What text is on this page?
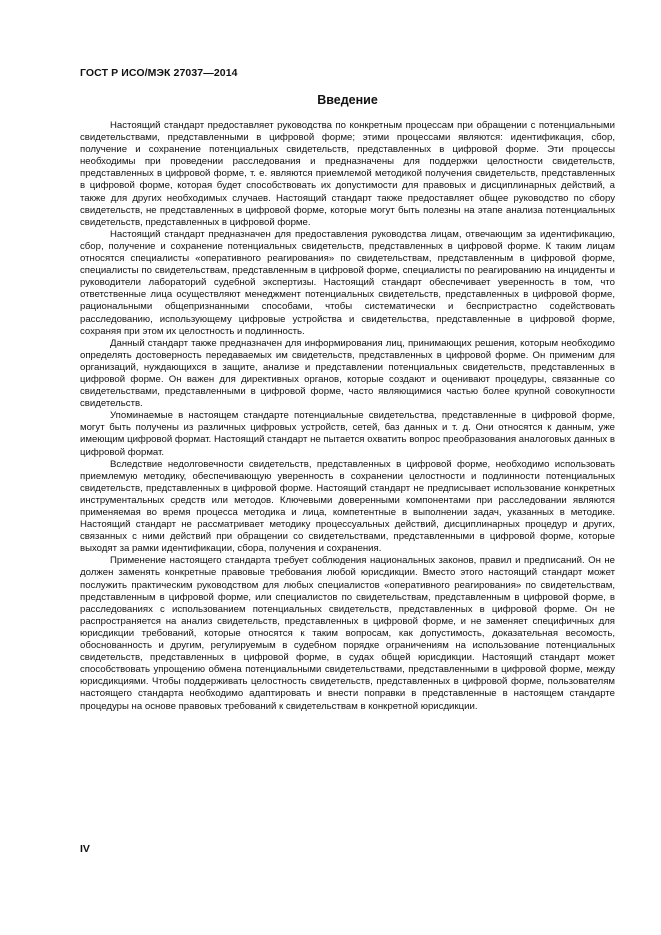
ГОСТ Р ИСО/МЭК 27037—2014
Введение

Настоящий стандарт предоставляет руководства по конкретным процессам при обращении с потенциальными свидетельствами, представленными в цифровой форме; этими процессами являются: идентификация, сбор, получение и сохранение потенциальных свидетельств, представленных в цифровой форме. Эти процессы необходимы при проведении расследования и предназначены для поддержки целостности свидетельств, представленных в цифровой форме, т. е. являются приемлемой методикой получения свидетельств, представленных в цифровой форме, которая будет способствовать их допустимости для правовых и дисциплинарных действий, а также для других необходимых случаев. Настоящий стандарт также предоставляет общее руководство по сбору свидетельств, не представленных в цифровой форме, которые могут быть полезны на этапе анализа потенциальных свидетельств, представленных в цифровой форме.

Настоящий стандарт предназначен для предоставления руководства лицам, отвечающим за идентификацию, сбор, получение и сохранение потенциальных свидетельств, представленных в цифровой форме. К таким лицам относятся специалисты «оперативного реагирования» по свидетельствам, представленным в цифровой форме, специалисты по свидетельствам, представленным в цифровой форме, специалисты по реагированию на инциденты и руководители лабораторий судебной экспертизы. Настоящий стандарт обеспечивает уверенность в том, что ответственные лица осуществляют менеджмент потенциальных свидетельств, представленных в цифровой форме, рациональными общепризнанными способами, чтобы систематически и беспристрастно содействовать расследованию, использующему цифровые устройства и свидетельства, представленные в цифровой форме, сохраняя при этом их целостность и подлинность.

Данный стандарт также предназначен для информирования лиц, принимающих решения, которым необходимо определять достоверность передаваемых им свидетельств, представленных в цифровой форме. Он применим для организаций, нуждающихся в защите, анализе и представлении потенциальных свидетельств, представленных в цифровой форме. Он важен для директивных органов, которые создают и оценивают процедуры, связанные со свидетельствами, представленными в цифровой форме, часто являющимися частью более крупной совокупности свидетельств.

Упоминаемые в настоящем стандарте потенциальные свидетельства, представленные в цифровой форме, могут быть получены из различных цифровых устройств, сетей, баз данных и т. д. Они относятся к данным, уже имеющим цифровой формат. Настоящий стандарт не пытается охватить вопрос преобразования аналоговых данных в цифровой формат.

Вследствие недолговечности свидетельств, представленных в цифровой форме, необходимо использовать приемлемую методику, обеспечивающую уверенность в сохранении целостности и подлинности потенциальных свидетельств, представленных в цифровой форме. Настоящий стандарт не предписывает использование конкретных инструментальных средств или методов. Ключевыми доверенными компонентами при расследовании являются применяемая во время процесса методика и лица, компетентные в выполнении задач, указанных в методике. Настоящий стандарт не рассматривает методику процессуальных действий, дисциплинарных процедур и других, связанных с ними действий при обращении со свидетельствами, представленными в цифровой форме, которые выходят за рамки идентификации, сбора, получения и сохранения.

Применение настоящего стандарта требует соблюдения национальных законов, правил и предписаний. Он не должен заменять конкретные правовые требования любой юрисдикции. Вместо этого настоящий стандарт может послужить практическим руководством для любых специалистов «оперативного реагирования» по свидетельствам, представленным в цифровой форме, или специалистов по свидетельствам, представленным в цифровой форме, в расследованиях с использованием потенциальных свидетельств, представленных в цифровой форме. Он не распространяется на анализ свидетельств, представленных в цифровой форме, и не заменяет специфичных для юрисдикции требований, которые относятся к таким вопросам, как допустимость, доказательная весомость, обоснованность и другим, регулируемым в судебном порядке ограничениям на использование потенциальных свидетельств, представленных в цифровой форме, в судах общей юрисдикции. Настоящий стандарт может способствовать упрощению обмена потенциальными свидетельствами, представленными в цифровой форме, между юрисдикциями. Чтобы поддерживать целостность свидетельств, представленных в цифровой форме, пользователям настоящего стандарта необходимо адаптировать и внести поправки в представленные в настоящем стандарте процедуры на основе правовых требований к свидетельствам в конкретной юрисдикции.

IV
